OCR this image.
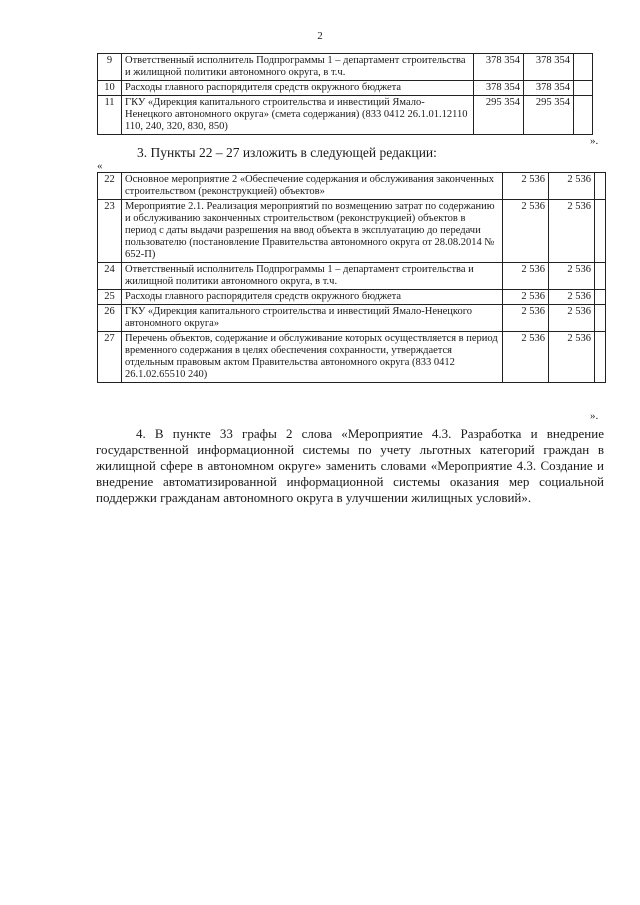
2
9	Ответственный исполнитель Подпрограммы 1 – департамент строительства и жилищной политики автономного округа, в т.ч.	378 354	378 354	
10	Расходы главного распорядителя средств окружного бюджета	378 354	378 354	
11	ГКУ «Дирекция капитального строительства и инвестиций Ямало-Ненецкого автономного округа» (смета содержания) (833 0412 26.1.01.12110 110, 240, 320, 830, 850)	295 354	295 354	
».
3. Пункты 22 – 27 изложить в следующей редакции:
«
22	Основное мероприятие 2 «Обеспечение содержания и обслуживания законченных строительством (реконструкцией) объектов»	2 536	2 536	
23	Мероприятие 2.1. Реализация мероприятий по возмещению затрат по содержанию и обслуживанию законченных строительством (реконструкцией) объектов в период с даты выдачи разрешения на ввод объекта в эксплуатацию до передачи пользователю (постановление Правительства автономного округа от 28.08.2014 № 652-П)	2 536	2 536	
24	Ответственный исполнитель Подпрограммы 1 – департамент строительства и жилищной политики автономного округа, в т.ч.	2 536	2 536	
25	Расходы главного распорядителя средств окружного бюджета	2 536	2 536	
26	ГКУ «Дирекция капитального строительства и инвестиций Ямало-Ненецкого автономного округа»	2 536	2 536	
27	Перечень объектов, содержание и обслуживание которых осуществляется в период временного содержания в целях обеспечения сохранности, утверждается отдельным правовым актом Правительства автономного округа (833 0412 26.1.02.65510 240)	2 536	2 536	
».
4. В пункте 33 графы 2 слова «Мероприятие 4.3. Разработка и внедрение государственной информационной системы по учету льготных категорий граждан в жилищной сфере в автономном округе» заменить словами «Мероприятие 4.3. Создание и внедрение автоматизированной информационной системы оказания мер социальной поддержки гражданам автономного округа в улучшении жилищных условий».
